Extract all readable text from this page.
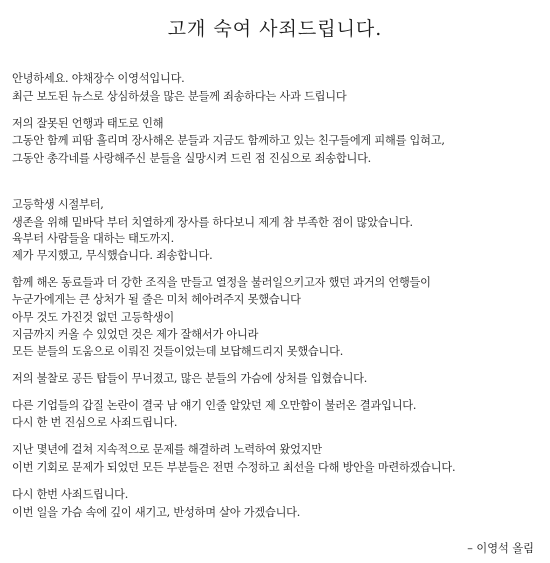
고개 숙여 사죄드립니다.
안녕하세요. 야채장수 이영석입니다.
최근 보도된 뉴스로 상심하셨을 많은 분들께 죄송하다는 사과 드립니다
저의 잘못된 언행과 태도로 인해
그동안 함께 피땀 흘리며 장사해온 분들과 지금도 함께하고 있는 친구들에게 피해를 입혀고,
그동안 총각네를 사랑해주신 분들을 실망시켜 드린 점 진심으로 죄송합니다.
고등학생 시절부터,
생존을 위해 밑바닥 부터 치열하게 장사를 하다보니 제게 참 부족한 점이 많았습니다.
육부터 사람들을 대하는 태도까지.
제가 무지했고, 무식했습니다. 죄송합니다.
함께 해온 동료들과 더 강한 조직을 만들고 열정을 불러일으키고자 했던 과거의 언행들이
누군가에게는 큰 상처가 될 줄은 미처 헤아려주지 못했습니다
아무 것도 가진것 없던 고등학생이
지금까지 커올 수 있었던 것은 제가 잘해서가 아니라
모든 분들의 도움으로 이뤄진 것들이었는데 보답해드리지 못했습니다.
저의 불찰로 공든 탑들이 무너졌고, 많은 분들의 가슴에 상처를 입혔습니다.
다른 기업들의 갑질 논란이 결국 남 얘기 인줄 알았던 제 오만함이 불러온 결과입니다.
다시 한 번 진심으로 사죄드립니다.
지난 몇년에 걸쳐 지속적으로 문제를 해결하려 노력하여 왔었지만
이번 기회로 문제가 되었던 모든 부분들은 전면 수정하고 최선을 다해 방안을 마련하겠습니다.
다시 한번 사죄드립니다.
이번 일을 가슴 속에 깊이 새기고, 반성하며 살아 가겠습니다.
– 이영석 올림
